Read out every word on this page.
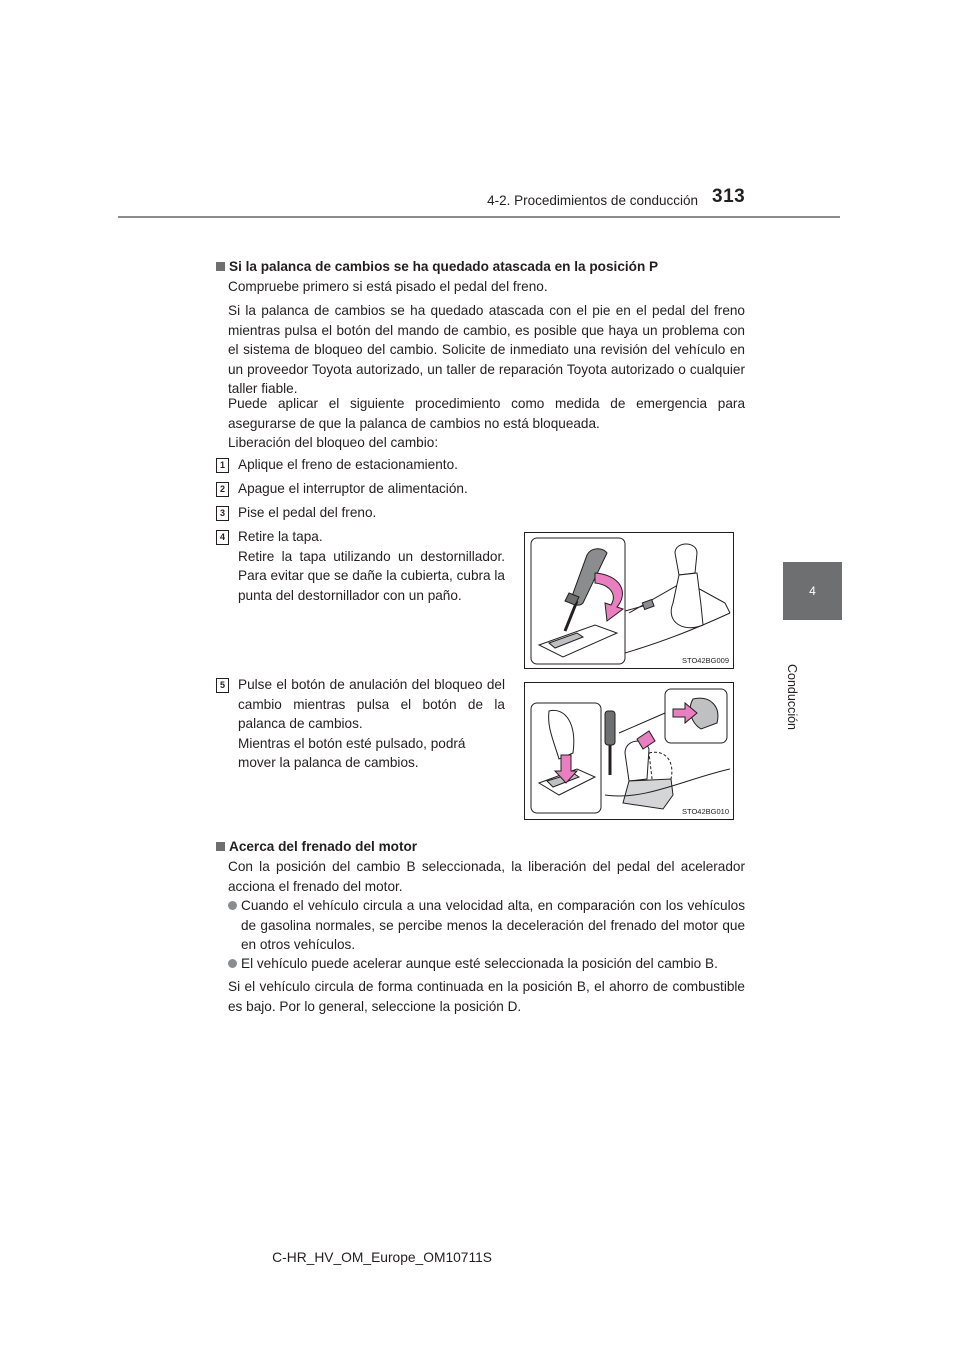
4-2. Procedimientos de conducción 313
4
Conducción
Si la palanca de cambios se ha quedado atascada en la posición P
Compruebe primero si está pisado el pedal del freno.
Si la palanca de cambios se ha quedado atascada con el pie en el pedal del freno mientras pulsa el botón del mando de cambio, es posible que haya un problema con el sistema de bloqueo del cambio. Solicite de inmediato una revisión del vehículo en un proveedor Toyota autorizado, un taller de reparación Toyota autorizado o cualquier taller fiable.
Puede aplicar el siguiente procedimiento como medida de emergencia para asegurarse de que la palanca de cambios no está bloqueada.
Liberación del bloqueo del cambio:
1 Aplique el freno de estacionamiento.
2 Apague el interruptor de alimentación.
3 Pise el pedal del freno.
4 Retire la tapa.
Retire la tapa utilizando un destornillador. Para evitar que se dañe la cubierta, cubra la punta del destornillador con un paño.
5 Pulse el botón de anulación del bloqueo del cambio mientras pulsa el botón de la palanca de cambios.
Mientras el botón esté pulsado, podrá mover la palanca de cambios.
STO42BG009
STO42BG010
Acerca del frenado del motor
Con la posición del cambio B seleccionada, la liberación del pedal del acelerador acciona el frenado del motor.
Cuando el vehículo circula a una velocidad alta, en comparación con los vehículos de gasolina normales, se percibe menos la deceleración del frenado del motor que en otros vehículos.
El vehículo puede acelerar aunque esté seleccionada la posición del cambio B.
Si el vehículo circula de forma continuada en la posición B, el ahorro de combustible es bajo. Por lo general, seleccione la posición D.
C-HR_HV_OM_Europe_OM10711S
